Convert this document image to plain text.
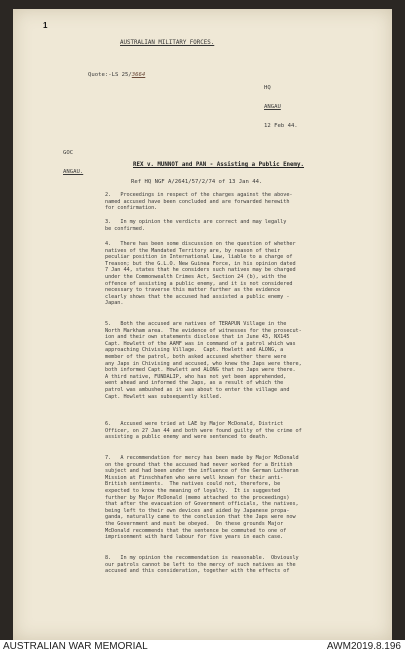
1
AUSTRALIAN MILITARY FORCES.
Quote:-LS 25/3664

HQ

ANGAU

12 Feb 44.

GOC

ANGAU.

REX v. MUNNOT and PAN - Assisting a Public Enemy.
Ref HQ NGF A/2641/57/2/74 of 13 Jan 44.
2.   Proceedings in respect of the charges against the above-
named accused have been concluded and are forwarded herewith
for confirmation.
3.   In my opinion the verdicts are correct and may legally
be confirmed.
4.   There has been some discussion on the question of whether
natives of the Mandated Territory are, by reason of their
peculiar position in International Law, liable to a charge of
Treason; but the G.L.O. New Guinea Force, in his opinion dated
7 Jan 44, states that he considers such natives may be charged
under the Commonwealth Crimes Act, Section 24 (b), with the
offence of assisting a public enemy, and it is not considered
necessary to traverse this matter further as the evidence
clearly shows that the accused had assisted a public enemy -
Japan.
5.   Both the accused are natives of TERAPUN Village in the
North Markham area.  The evidence of witnesses for the prosecut-
ion and their own statements disclose that in June 43, NX145
Capt. Howlett of the AAMF was in command of a patrol which was
approaching Chivising Village.  Capt. Howlett and ALONG, a
member of the patrol, both asked accused whether there were
any Japs in Chivising and accused, who knew the Japs were there,
both informed Capt. Howlett and ALONG that no Japs were there.
A third native, FUNDALIP, who has not yet been apprehended,
went ahead and informed the Japs, as a result of which the
patrol was ambushed as it was about to enter the village and
Capt. Howlett was subsequently killed.
6.   Accused were tried at LAE by Major McDonald, District
Officer, on 27 Jan 44 and both were found guilty of the crime of
assisting a public enemy and were sentenced to death.
7.   A recommendation for mercy has been made by Major McDonald
on the ground that the accused had never worked for a British
subject and had been under the influence of the German Lutheran
Mission at Finschhafen who were well known for their anti-
British sentiments.  The natives could not, therefore, be
expected to know the meaning of loyalty.  It is suggested
further by Major McDonald (memo attached to the proceedings)
that after the evacuation of Government officials, the natives,
being left to their own devices and aided by Japanese propa-
ganda, naturally came to the conclusion that the Japs were now
the Government and must be obeyed.  On these grounds Major
McDonald recommends that the sentence be commuted to one of
imprisonment with hard labour for five years in each case.
8.   In my opinion the recommendation is reasonable.  Obviously
our patrols cannot be left to the mercy of such natives as the
accused and this consideration, together with the effects of
AUSTRALIAN WAR MEMORIAL	AWM2019.8.196
